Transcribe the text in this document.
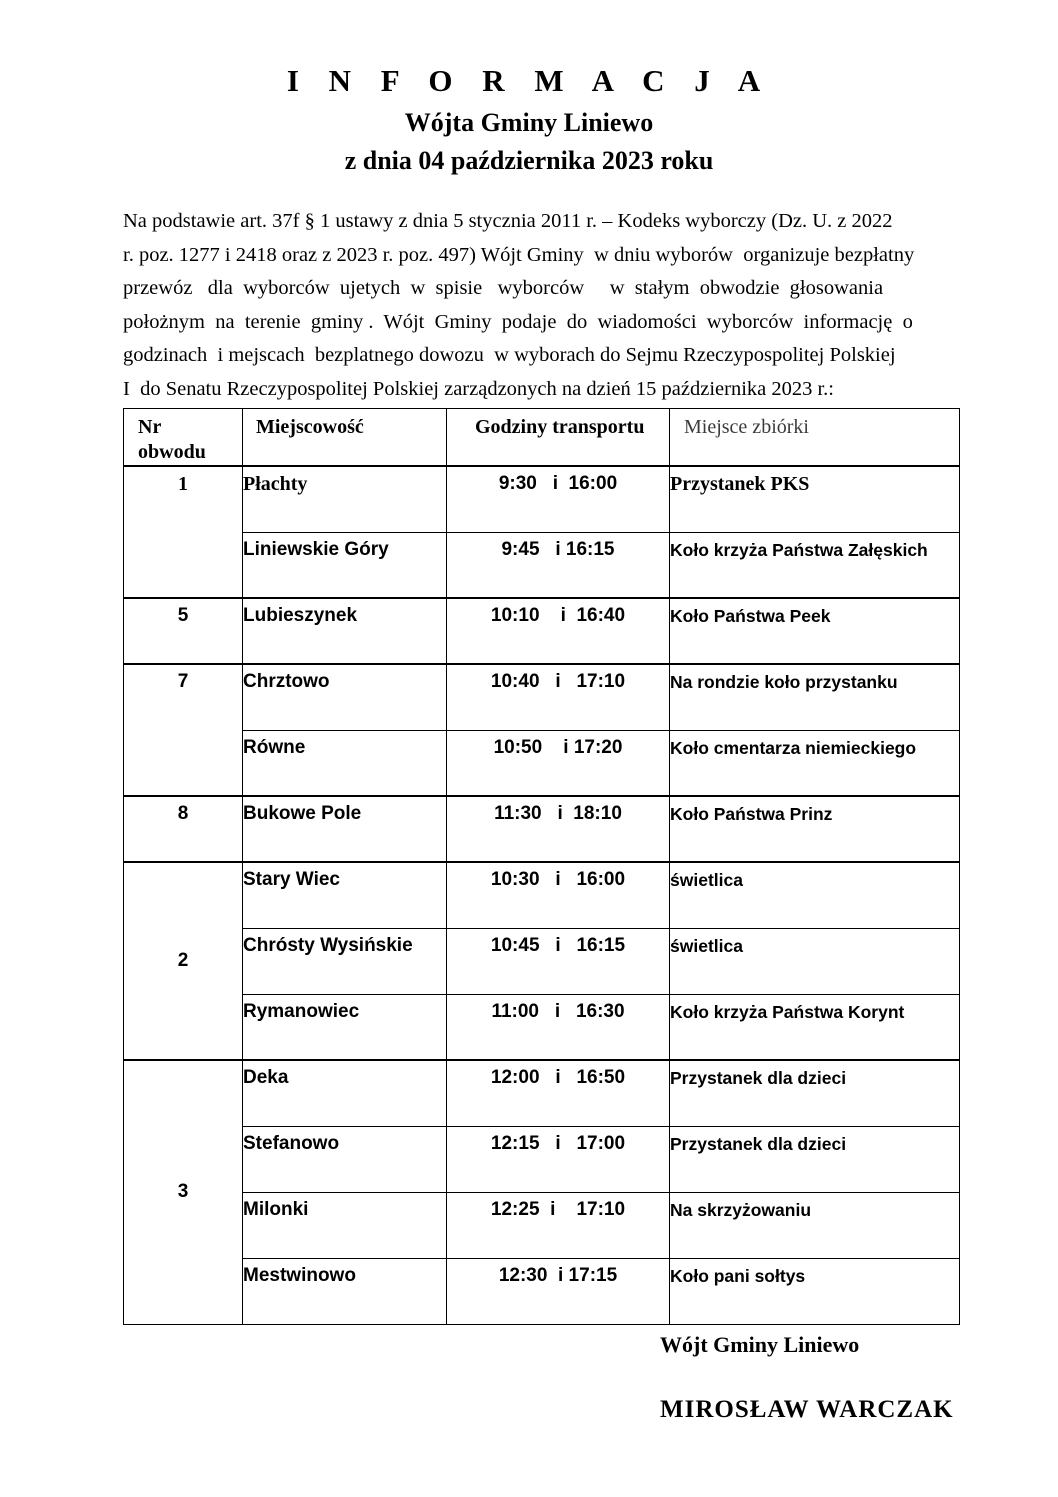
I N F O R M A C J A
Wójta Gminy Liniewo
z dnia 04 października 2023 roku
Na podstawie art. 37f § 1 ustawy z dnia 5 stycznia 2011 r. – Kodeks wyborczy (Dz. U. z 2022
r. poz. 1277 i 2418 oraz z 2023 r. poz. 497) Wójt Gminy  w dniu wyborów  organizuje bezpłatny
przewóz   dla  wyborców  ujetych  w  spisie   wyborców     w  stałym  obwodzie  głosowania
położnym  na  terenie  gminy .  Wójt  Gminy  podaje  do  wiadomości  wyborców  informację  o
godzinach  i mejscach  bezplatnego dowozu  w wyborach do Sejmu Rzeczypospolitej Polskiej
I  do Senatu Rzeczypospolitej Polskiej zarządzonych na dzień 15 października 2023 r.:
Nr
obwodu	Miejscowość	Godziny transportu	Miejsce zbiórki
1	Płachty	9:30   i  16:00	Przystanek PKS
	Liniewskie Góry	9:45   i 16:15	Koło krzyża Państwa Załęskich
5	Lubieszynek	10:10    i  16:40	Koło Państwa Peek
7	Chrztowo	10:40   i   17:10	Na rondzie koło przystanku
	Równe	10:50    i 17:20	Koło cmentarza niemieckiego
8	Bukowe Pole	11:30   i  18:10	Koło Państwa Prinz
2	Stary Wiec	10:30   i   16:00	świetlica
	Chrósty Wysińskie	10:45   i   16:15	świetlica
	Rymanowiec	11:00   i   16:30	Koło krzyża Państwa Korynt
3	Deka	12:00   i   16:50	Przystanek dla dzieci
	Stefanowo	12:15   i   17:00	Przystanek dla dzieci
	Milonki	12:25  i    17:10	Na skrzyżowaniu
	Mestwinowo	12:30  i 17:15	Koło pani sołtys
Wójt Gminy Liniewo
MIROSŁAW WARCZAK
